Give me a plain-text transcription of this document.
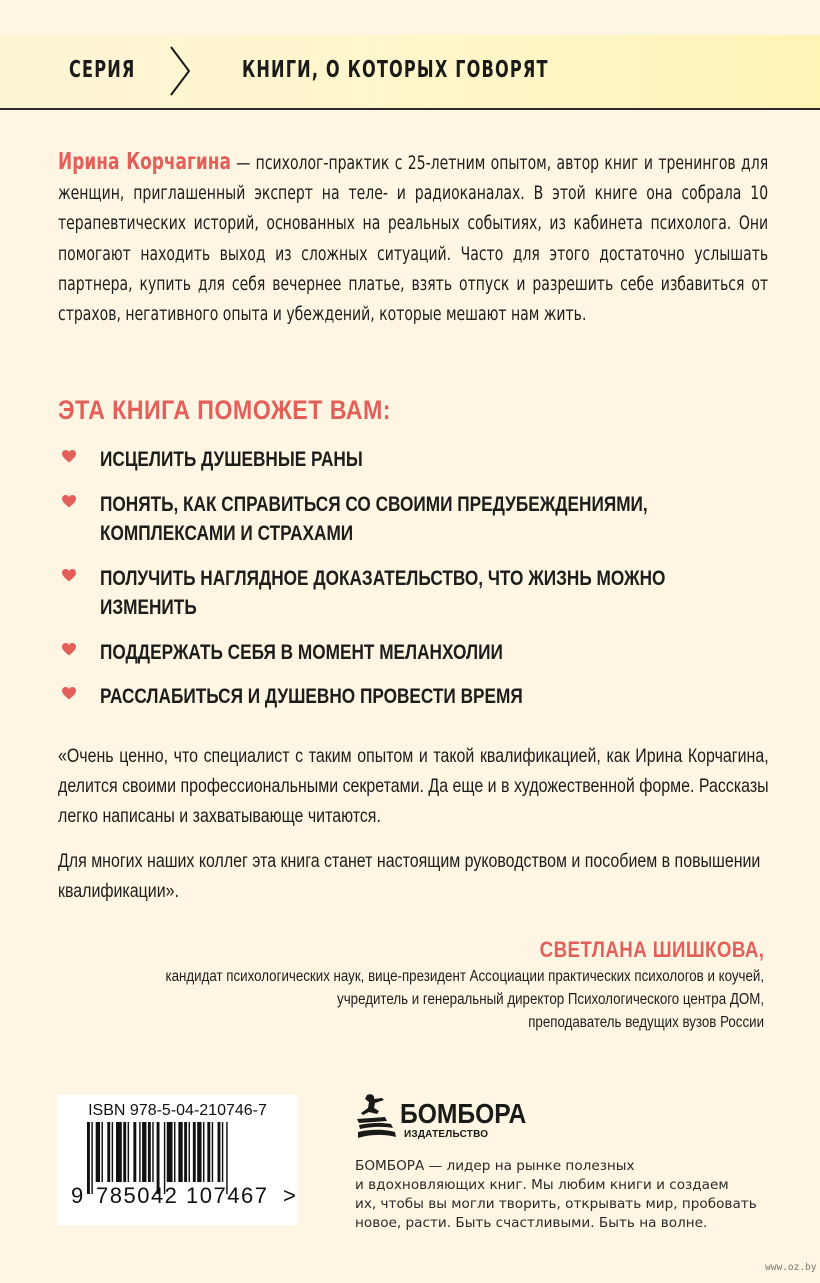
СЕРИЯ	КНИГИ, О КОТОРЫХ ГОВОРЯТ
Ирина Корчагина — психолог-практик с 25-летним опытом, автор книг и тренингов для женщин, приглашенный эксперт на теле- и радиоканалах. В этой книге она собрала 10 терапевтических историй, основанных на реальных событиях, из кабинета психолога. Они помогают находить выход из сложных ситуаций. Часто для этого достаточно услышать партнера, купить для себя вечернее платье, взять отпуск и разрешить себе избавиться от страхов, негативного опыта и убеждений, которые мешают нам жить.
ЭТА КНИГА ПОМОЖЕТ ВАМ:
ИСЦЕЛИТЬ ДУШЕВНЫЕ РАНЫ
ПОНЯТЬ, КАК СПРАВИТЬСЯ СО СВОИМИ ПРЕДУБЕЖДЕНИЯМИ, КОМПЛЕКСАМИ И СТРАХАМИ
ПОЛУЧИТЬ НАГЛЯДНОЕ ДОКАЗАТЕЛЬСТВО, ЧТО ЖИЗНЬ МОЖНО ИЗМЕНИТЬ
ПОДДЕРЖАТЬ СЕБЯ В МОМЕНТ МЕЛАНХОЛИИ
РАССЛАБИТЬСЯ И ДУШЕВНО ПРОВЕСТИ ВРЕМЯ

«Очень ценно, что специалист с таким опытом и такой квалификацией, как Ирина Корчагина, делится своими профессиональными секретами. Да еще и в художественной форме. Рассказы легко написаны и захватывающе читаются.

Для многих наших коллег эта книга станет настоящим руководством и пособием в повышении квалификации».

СВЕТЛАНА ШИШКОВА,
кандидат психологических наук, вице-президент Ассоциации практических психологов и коучей,
учредитель и генеральный директор Психологического центра ДОМ,
преподаватель ведущих вузов России
ISBN 978-5-04-210746-7
9 785042 107467 >
БОМБОРА
ИЗДАТЕЛЬСТВО
БОМБОРА — лидер на рынке полезных
и вдохновляющих книг. Мы любим книги и создаем
их, чтобы вы могли творить, открывать мир, пробовать
новое, расти. Быть счастливыми. Быть на волне.
www.oz.by
